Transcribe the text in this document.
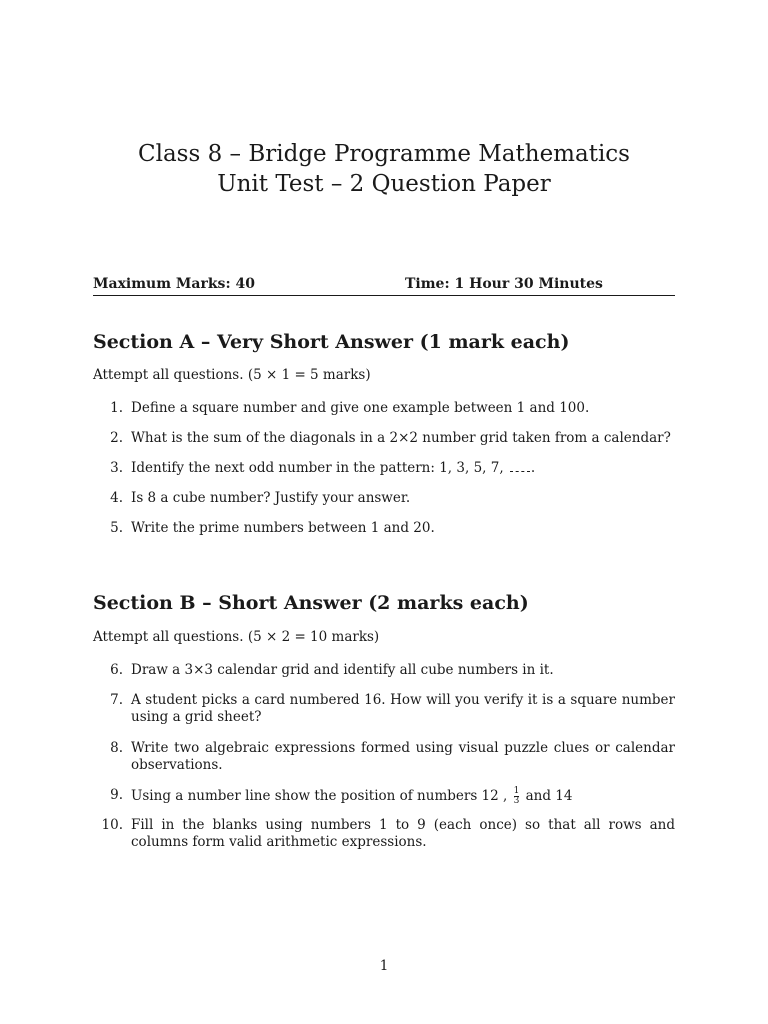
Class 8 – Bridge Programme Mathematics
Unit Test – 2 Question Paper
Maximum Marks: 40	Time: 1 Hour 30 Minutes
Section A – Very Short Answer (1 mark each)
Attempt all questions. (5 × 1 = 5 marks)
1. Define a square number and give one example between 1 and 100.
2. What is the sum of the diagonals in a 2×2 number grid taken from a calendar?
3. Identify the next odd number in the pattern: 1, 3, 5, 7, .
4. Is 8 a cube number? Justify your answer.
5. Write the prime numbers between 1 and 20.
Section B – Short Answer (2 marks each)
Attempt all questions. (5 × 2 = 10 marks)
6. Draw a 3×3 calendar grid and identify all cube numbers in it.
7. A student picks a card numbered 16. How will you verify it is a square number using a grid sheet?
8. Write two algebraic expressions formed using visual puzzle clues or calendar observations.
9. Using a number line show the position of numbers 12 , $\frac{1}{3}$ and 14
10. Fill in the blanks using numbers 1 to 9 (each once) so that all rows and columns form valid arithmetic expressions.
1
